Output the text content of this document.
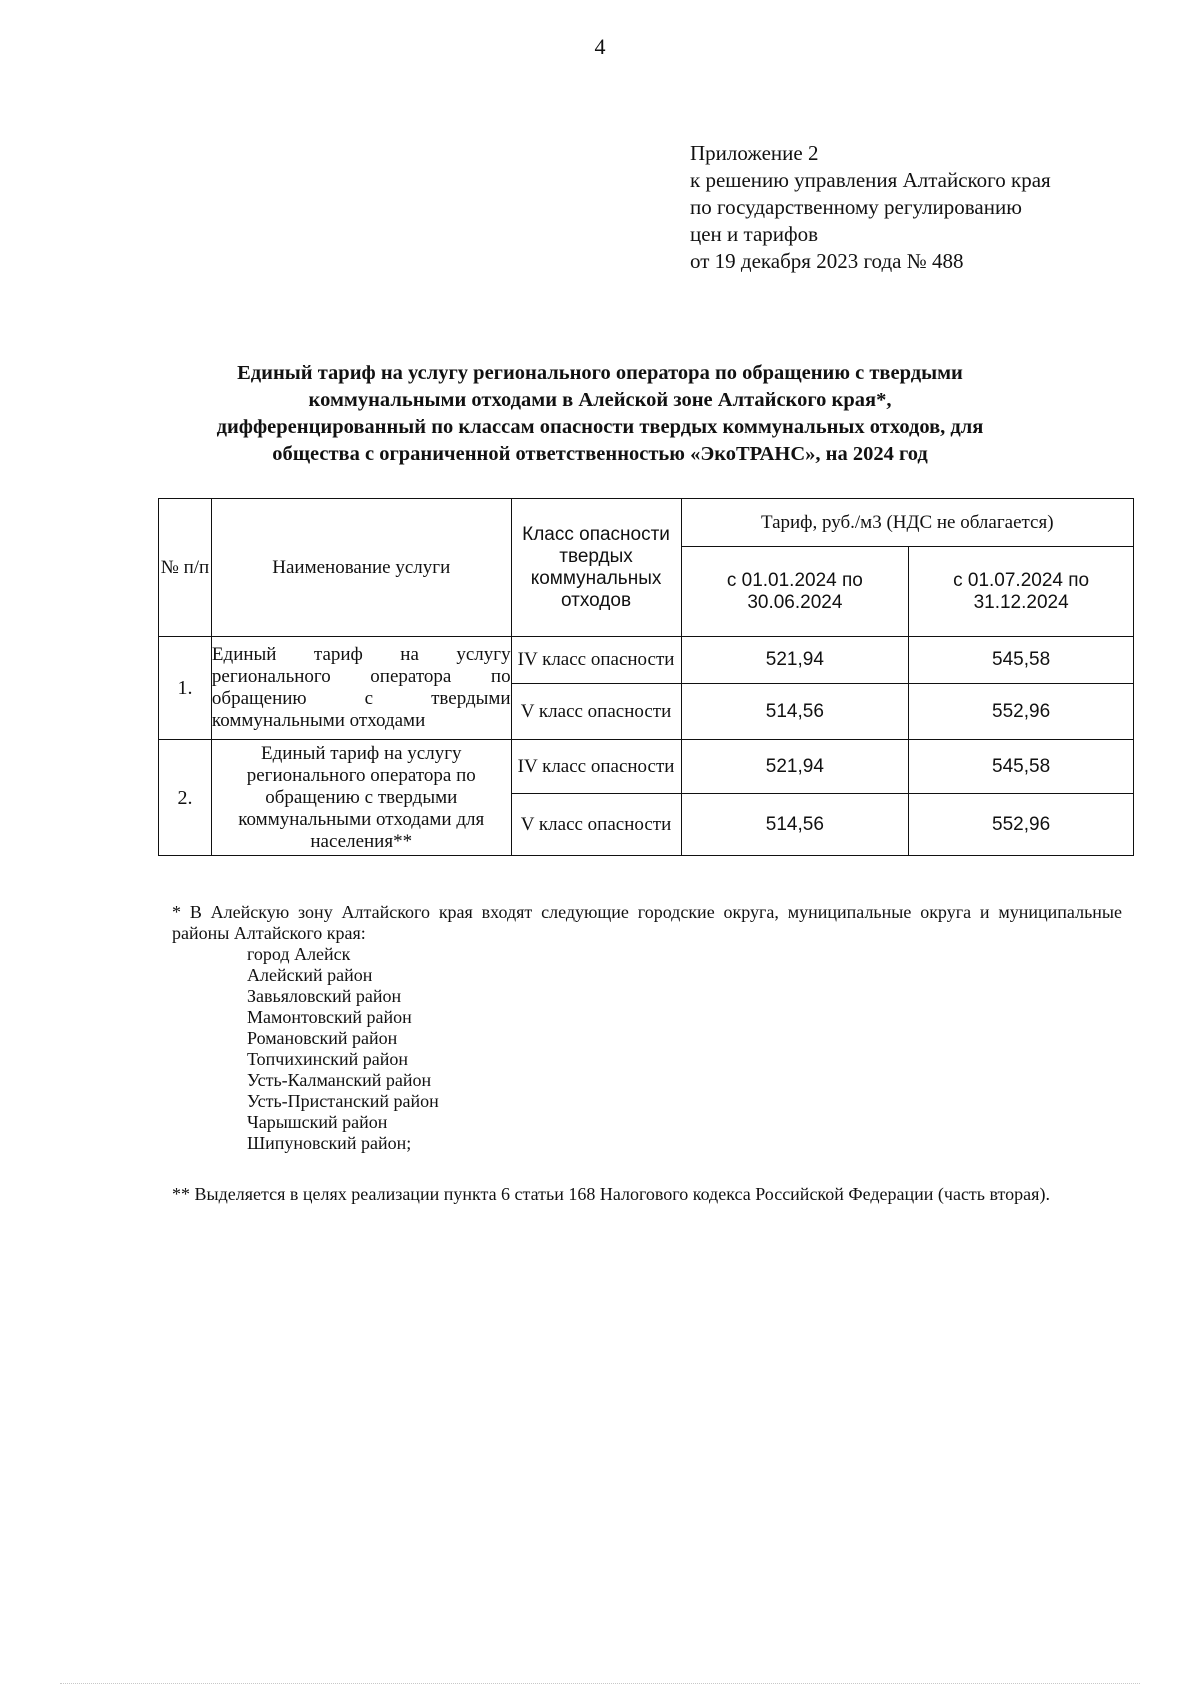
4
Приложение 2
к решению управления Алтайского края
по государственному регулированию
цен и тарифов
от 19 декабря 2023 года № 488
Единый тариф на услугу регионального оператора по обращению с твердыми
коммунальными отходами в Алейской зоне Алтайского края*,
дифференцированный по классам опасности твердых коммунальных отходов, для
общества с ограниченной ответственностью «ЭкоТРАНС», на 2024 год
№ п/п	Наименование услуги	Класс опасности твердых коммунальных отходов	Тариф, руб./м3 (НДС не облагается)	
			с 01.01.2024 по 30.06.2024	с 01.07.2024 по 31.12.2024
1.	Единый тариф на услугу регионального оператора по обращению с твердыми коммунальными отходами	IV класс опасности	521,94	545,58
		V класс опасности	514,56	552,96
2.	Единый тариф на услугу регионального оператора по обращению с твердыми коммунальными отходами для населения**	IV класс опасности	521,94	545,58
		V класс опасности	514,56	552,96
* В Алейскую зону Алтайского края входят следующие городские округа, муниципальные округа и муниципальные районы Алтайского края:
город Алейск
Алейский район
Завьяловский район
Мамонтовский район
Романовский район
Топчихинский район
Усть-Калманский район
Усть-Пристанский район
Чарышский район
Шипуновский район;
** Выделяется в целях реализации пункта 6 статьи 168 Налогового кодекса Российской Федерации (часть вторая).
